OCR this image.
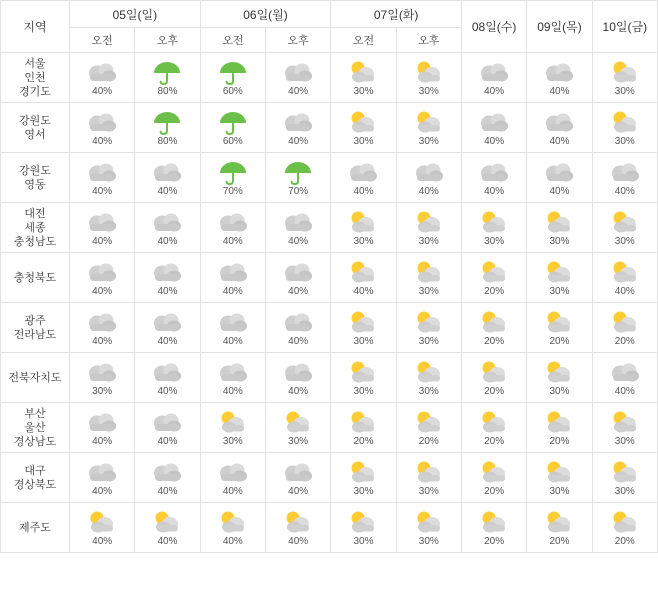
지역	05일(일)		06일(월)		07일(화)		08일(수)	09일(목)	10일(금)
	오전	오후	오전	오후	오전	오후			

서울
인천
경기도	40%	80%	60%	40%	30%	30%	40%	40%	30%

강원도
영서	40%	80%	60%	40%	30%	30%	40%	40%	30%

강원도
영동	40%	40%	70%	70%	40%	40%	40%	40%	40%

대전
세종
충청남도	40%	40%	40%	40%	30%	30%	30%	30%	30%

충청북도	40%	40%	40%	40%	40%	30%	20%	30%	40%

광주
전라남도	40%	40%	40%	40%	30%	30%	20%	20%	20%

전북자치도	30%	40%	40%	40%	30%	30%	20%	30%	40%

부산
울산
경상남도	40%	40%	30%	30%	20%	20%	20%	20%	30%

대구
경상북도	40%	40%	40%	40%	30%	30%	20%	30%	30%

제주도	40%	40%	40%	40%	30%	30%	20%	20%	20%
